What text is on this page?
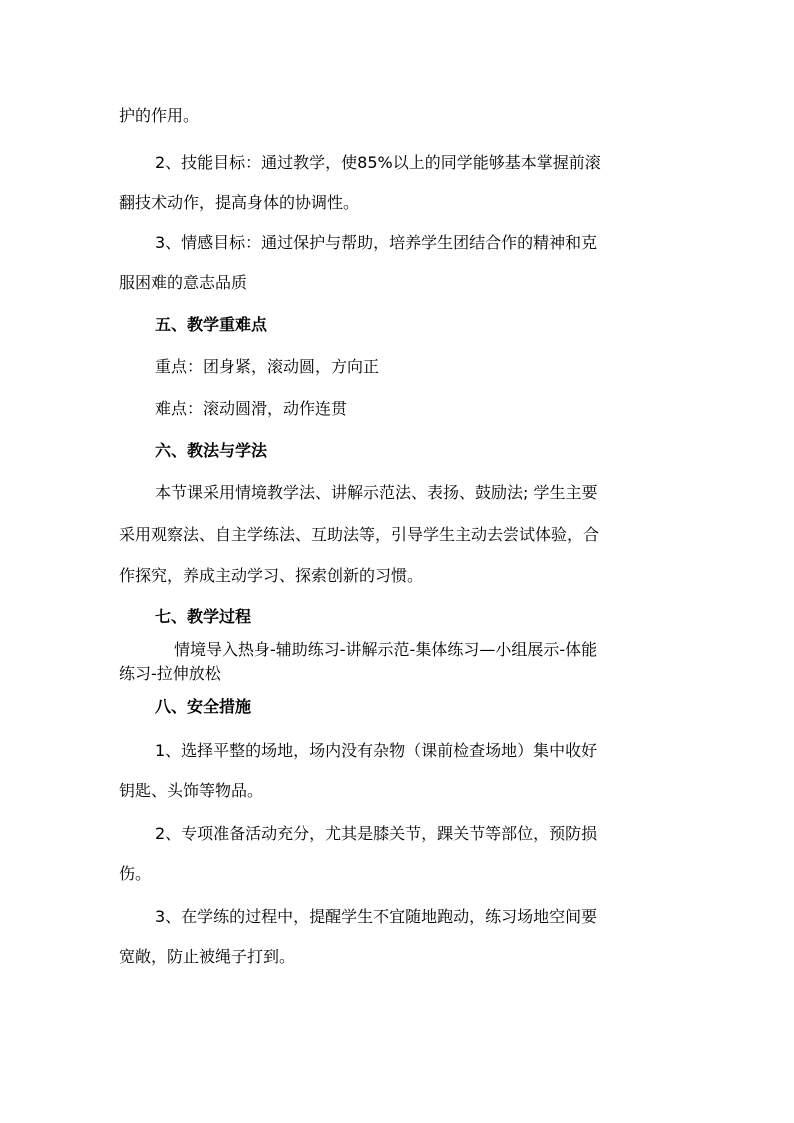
护的作用。
2、技能目标：通过教学，使85%以上的同学能够基本掌握前滚
翻技术动作，提高身体的协调性。
3、情感目标：通过保护与帮助，培养学生团结合作的精神和克
服困难的意志品质
五、教学重难点
重点：团身紧，滚动圆，方向正
难点：滚动圆滑，动作连贯
六、教法与学法
本节课采用情境教学法、讲解示范法、表扬、鼓励法; 学生主要
采用观察法、自主学练法、互助法等，引导学生主动去尝试体验，合
作探究，养成主动学习、探索创新的习惯。
七、教学过程
情境导入热身-辅助练习-讲解示范-集体练习—小组展示-体能
练习-拉伸放松
八、安全措施
1、选择平整的场地，场内没有杂物（课前检查场地）集中收好
钥匙、头饰等物品。
2、专项准备活动充分，尤其是膝关节，踝关节等部位，预防损
伤。
3、在学练的过程中，提醒学生不宜随地跑动，练习场地空间要
宽敞，防止被绳子打到。
